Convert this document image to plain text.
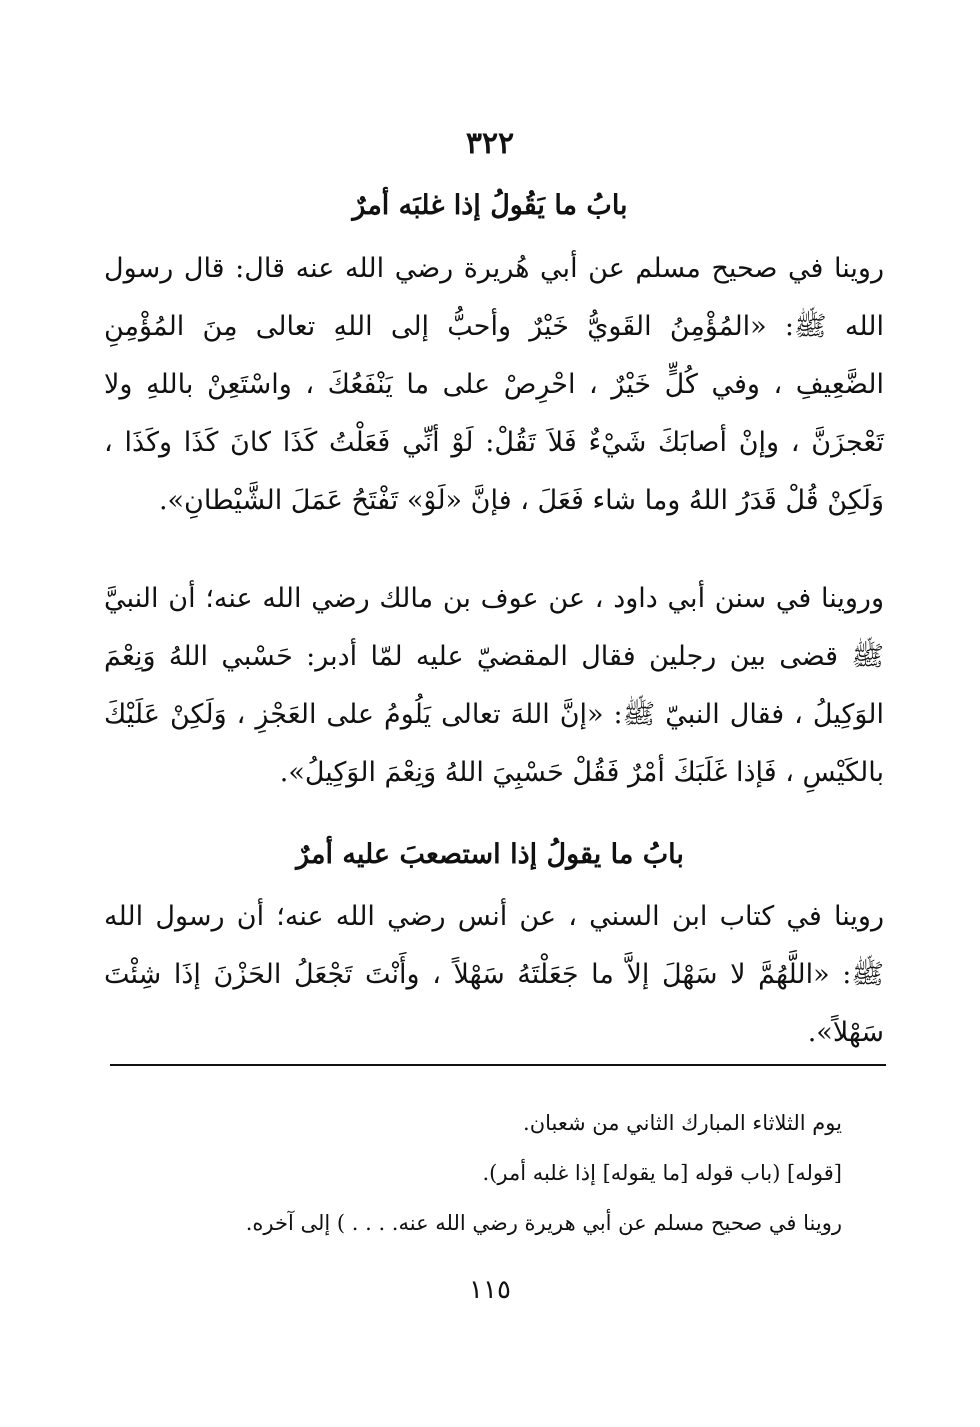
٣٢٢
بابُ ما يَقُولُ إذا غلبَه أمرٌ

روينا في صحيح مسلم عن أبي هُريرة رضي الله عنه قال: قال رسول الله ﷺ: «المُؤْمِنُ القَويُّ خَيْرٌ وأحبُّ إلى اللهِ تعالى مِنَ المُؤْمِنِ الضَّعِيفِ ، وفي كُلٍّ خَيْرٌ ، احْرِصْ على ما يَنْفَعُكَ ، واسْتَعِنْ باللهِ ولا تَعْجزَنَّ ، وإنْ أصابَكَ شَيْءٌ فَلاَ تَقُلْ: لَوْ أنِّي فَعَلْتُ كَذَا كانَ كَذَا وكَذَا ، وَلَكِنْ قُلْ قَدَرُ اللهُ وما شاء فَعَلَ ، فإنَّ «لَوْ» تَفْتَحُ عَمَلَ الشَّيْطانِ».

وروينا في سنن أبي داود ، عن عوف بن مالك رضي الله عنه؛ أن النبيَّ ﷺ قضى بين رجلين فقال المقضيّ عليه لمّا أدبر: حَسْبي اللهُ وَنِعْمَ الوَكِيلُ ، فقال النبيّ ﷺ: «إنَّ اللهَ تعالى يَلُومُ على العَجْزِ ، وَلَكِنْ عَلَيْكَ بالكَيْسِ ، فَإذا غَلَبَكَ أمْرٌ فَقُلْ حَسْبِيَ اللهُ وَنِعْمَ الوَكِيلُ».

بابُ ما يقولُ إذا استصعبَ عليه أمرٌ

روينا في كتاب ابن السني ، عن أنس رضي الله عنه؛ أن رسول الله ﷺ: «اللَّهُمَّ لا سَهْلَ إلاَّ ما جَعَلْتَهُ سَهْلاً ، وأَنْتَ تَجْعَلُ الحَزْنَ إذَا شِئْتَ سَهْلاً».

يوم الثلاثاء المبارك الثاني من شعبان.
[قوله] (باب قوله [ما يقوله] إذا غلبه أمر).
روينا في صحيح مسلم عن أبي هريرة رضي الله عنه. . . . ) إلى آخره.
١١٥
